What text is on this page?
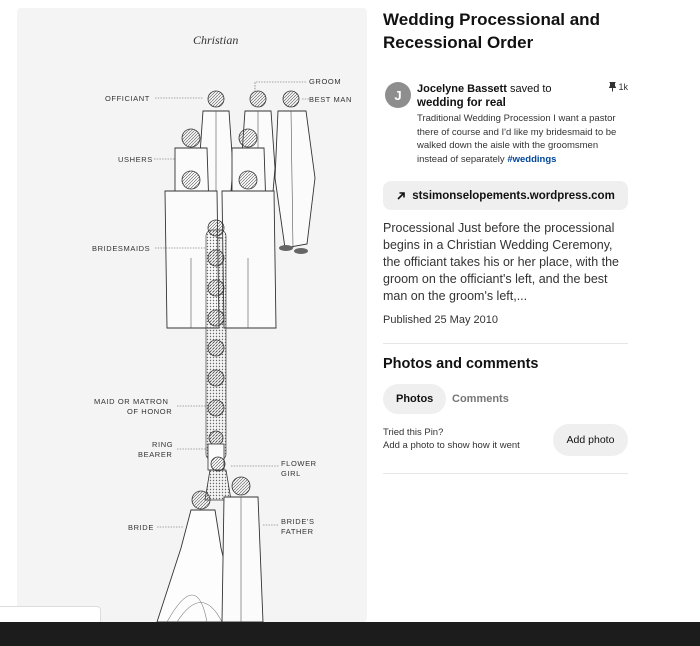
Christian
GROOM
OFFICIANT	BEST MAN
USHERS
BRIDESMAIDS
MAID OR MATRON
OF HONOR
RING
BEARER
FLOWER
GIRL
BRIDE
BRIDE'S
FATHER
Wedding Processional and Recessional Order
J	Jocelyne Bassett saved to
wedding for real
Traditional Wedding Procession I want a pastor there of course and I'd like my bridesmaid to be walked down the aisle with the groomsmen instead of separately #weddings
1k
stsimonselopements.wordpress.com
Processional Just before the processional begins in a Christian Wedding Ceremony, the officiant takes his or her place, with the groom on the officiant's left, and the best man on the groom's left,...
Published 25 May 2010
Photos and comments
Photos	Comments
Tried this Pin?
Add a photo to show how it went	Add photo
